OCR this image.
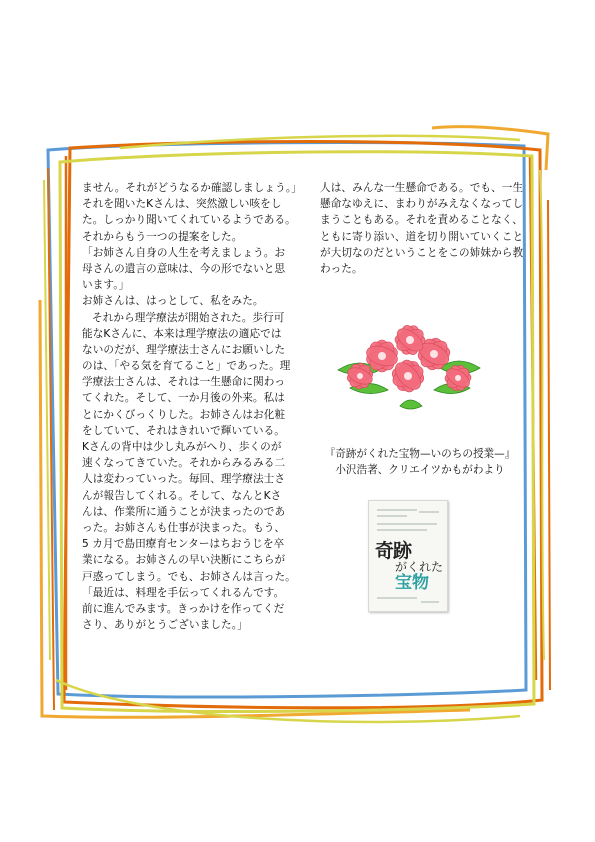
ません。それがどうなるか確認しましょう。」
それを聞いたKさんは、突然激しい咳をし
た。しっかり聞いてくれているようである。
それからもう一つの提案をした。
「お姉さん自身の人生を考えましょう。お
母さんの遺言の意味は、今の形でないと思
います。」
お姉さんは、はっとして、私をみた。
それから理学療法が開始された。歩行可
能なKさんに、本来は理学療法の適応では
ないのだが、理学療法士さんにお願いした
のは、「やる気を育てること」であった。理
学療法士さんは、それは一生懸命に関わっ
てくれた。そして、一か月後の外来。私は
とにかくびっくりした。お姉さんはお化粧
をしていて、それはきれいで輝いている。
Kさんの背中は少し丸みがへり、歩くのが
速くなってきていた。それからみるみる二
人は変わっていった。毎回、理学療法士さ
んが報告してくれる。そして、なんとKさ
んは、作業所に通うことが決まったのであ
った。お姉さんも仕事が決まった。もう、
5 カ月で島田療育センターはちおうじを卒
業になる。お姉さんの早い決断にこちらが
戸惑ってしまう。でも、お姉さんは言った。
「最近は、料理を手伝ってくれるんです。
前に進んでみます。きっかけを作ってくだ
さり、ありがとうございました。」
人は、みんな一生懸命である。でも、一生
懸命なゆえに、まわりがみえなくなってし
まうこともある。それを責めることなく、
ともに寄り添い、道を切り開いていくこと
が大切なのだということをこの姉妹から教
わった。
『奇跡がくれた宝物—いのちの授業—』
小沢浩著、クリエイツかもがわより
奇跡
がくれた
宝物
